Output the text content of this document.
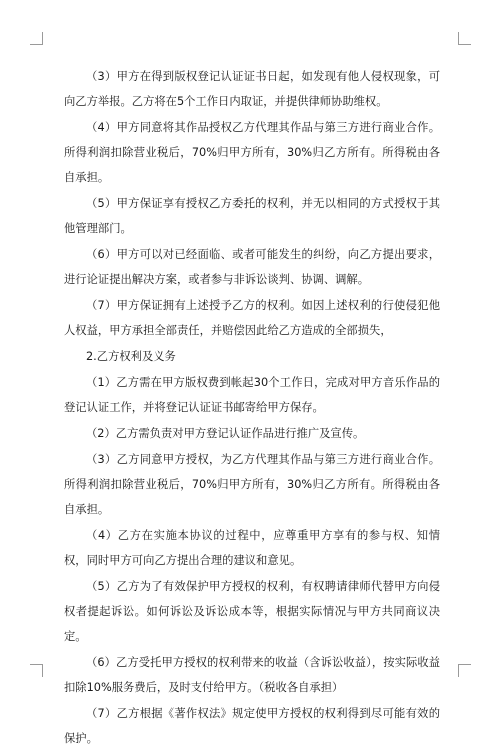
（3）甲方在得到版权登记认证证书日起，如发现有他人侵权现象，可向乙方举报。乙方将在5个工作日内取证，并提供律师协助维权。

（4）甲方同意将其作品授权乙方代理其作品与第三方进行商业合作。所得利润扣除营业税后，70%归甲方所有，30%归乙方所有。所得税由各自承担。

（5）甲方保证享有授权乙方委托的权利，并无以相同的方式授权于其他管理部门。

（6）甲方可以对已经面临、或者可能发生的纠纷，向乙方提出要求，进行论证提出解决方案，或者参与非诉讼谈判、协调、调解。

（7）甲方保证拥有上述授予乙方的权利。如因上述权利的行使侵犯他人权益，甲方承担全部责任，并赔偿因此给乙方造成的全部损失，

2.乙方权利及义务

（1）乙方需在甲方版权费到帐起30个工作日，完成对甲方音乐作品的登记认证工作，并将登记认证证书邮寄给甲方保存。

（2）乙方需负责对甲方登记认证作品进行推广及宣传。

（3）乙方同意甲方授权，为乙方代理其作品与第三方进行商业合作。所得利润扣除营业税后，70%归甲方所有，30%归乙方所有。所得税由各自承担。

（4）乙方在实施本协议的过程中，应尊重甲方享有的参与权、知情权，同时甲方可向乙方提出合理的建议和意见。

（5）乙方为了有效保护甲方授权的权利，有权聘请律师代替甲方向侵权者提起诉讼。如何诉讼及诉讼成本等，根据实际情况与甲方共同商议决定。

（6）乙方受托甲方授权的权利带来的收益（含诉讼收益），按实际收益扣除10%服务费后，及时支付给甲方。（税收各自承担）

（7）乙方根据《著作权法》规定使甲方授权的权利得到尽可能有效的保护。
